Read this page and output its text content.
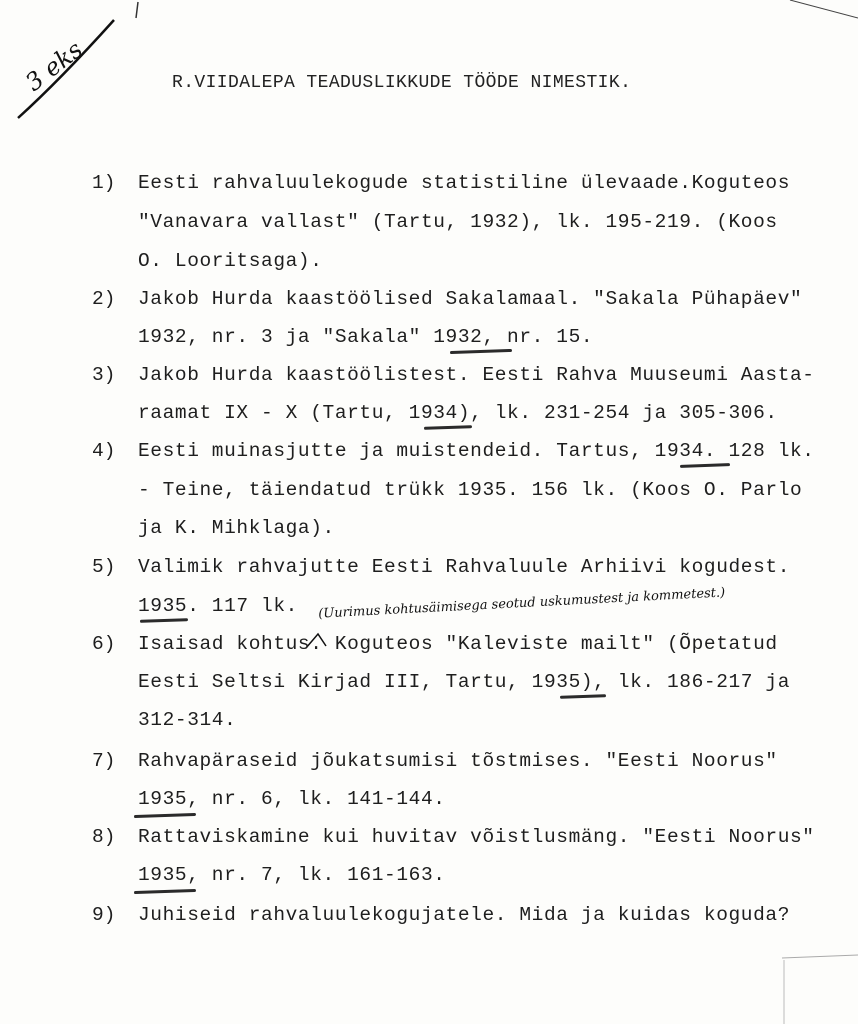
3 eks	R.VIIDALEPA TEADUSLIKKUDE TÖÖDE NIMESTIK.
1) Eesti rahvaluulekogude statistiline ülevaade.Koguteos
"Vanavara vallast" (Tartu, 1932), lk. 195-219. (Koos
O. Looritsaga).
2) Jakob Hurda kaastöölised Sakalamaal. "Sakala Pühapäev"
1932, nr. 3 ja "Sakala" 1932, nr. 15.
3) Jakob Hurda kaastöölistest. Eesti Rahva Muuseumi Aasta-
raamat IX - X (Tartu, 1934), lk. 231-254 ja 305-306.
4) Eesti muinasjutte ja muistendeid. Tartus, 1934. 128 lk.
- Teine, täiendatud trükk 1935. 156 lk. (Koos O. Parlo
ja K. Mihklaga).
5) Valimik rahvajutte Eesti Rahvaluule Arhiivi kogudest.
1935. 117 lk. (Uurimus kohtusäimisega seotud uskumustest ja kommetest.)
6) Isaisad kohtus. Koguteos "Kaleviste mailt" (Õpetatud
Eesti Seltsi Kirjad III, Tartu, 1935), lk. 186-217 ja
312-314.
7) Rahvapäraseid jõukatsumisi tõstmises. "Eesti Noorus"
1935, nr. 6, lk. 141-144.
8) Rattaviskamine kui huvitav võistlusmäng. "Eesti Noorus"
1935, nr. 7, lk. 161-163.
9) Juhiseid rahvaluulekogujatele. Mida ja kuidas koguda?
